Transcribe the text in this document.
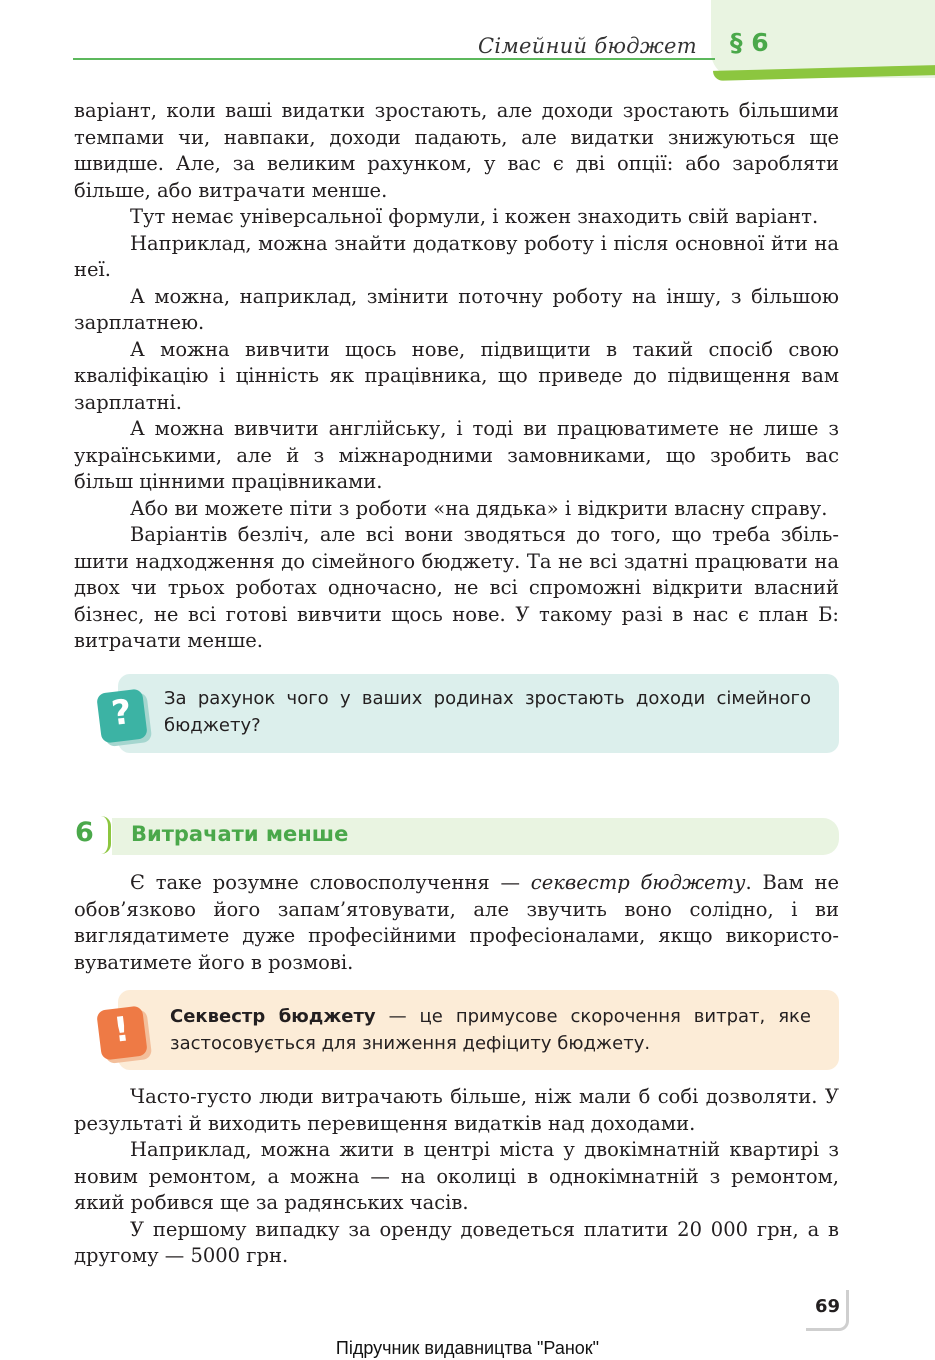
Сімейний бюджет § 6

варіант, коли ваші видатки зростають, але доходи зростають більшими темпами чи, навпаки, доходи падають, але видатки знижуються ще швидше. Але, за великим рахунком, у вас є дві опції: або заробляти більше, або витрачати менше.

Тут немає універсальної формули, і кожен знаходить свій варіант.

Наприклад, можна знайти додаткову роботу і після основної йти на неї.

А можна, наприклад, змінити поточну роботу на іншу, з більшою зарплатнею.

А можна вивчити щось нове, підвищити в такий спосіб свою кваліфікацію і цінність як працівника, що приведе до підвищення вам зарплатні.

А можна вивчити англійську, і тоді ви працюватимете не лише з українськими, але й з міжнародними замовниками, що зробить вас більш цінними працівниками.

Або ви можете піти з роботи «на дядька» і відкрити власну справу.

Варіантів безліч, але всі вони зводяться до того, що треба збільшити надходження до сімейного бюджету. Та не всі здатні працювати на двох чи трьох роботах одночасно, не всі спроможні відкрити власний бізнес, не всі готові вивчити щось нове. У такому разі в нас є план Б: витрачати менше.

За рахунок чого у ваших родинах зростають доходи сімейного бюджету?
?
6 Витрачати менше

Є таке розумне словосполучення — секвестр бюджету. Вам не обов’язково його запам’ятовувати, але звучить воно солідно, і ви виглядатимете дуже професійними професіоналами, якщо використовуватимете його в розмові.

Секвестр бюджету — це примусове скорочення витрат, яке застосовується для зниження дефіциту бюджету.
!

Часто-густо люди витрачають більше, ніж мали б собі дозволяти. У результаті й виходить перевищення видатків над доходами.

Наприклад, можна жити в центрі міста у двокімнатній квартирі з новим ремонтом, а можна — на околиці в однокімнатній з ремонтом, який робився ще за радянських часів.

У першому випадку за оренду доведеться платити 20 000 грн, а в другому — 5000 грн.

69
Підручник видавництва "Ранок"
